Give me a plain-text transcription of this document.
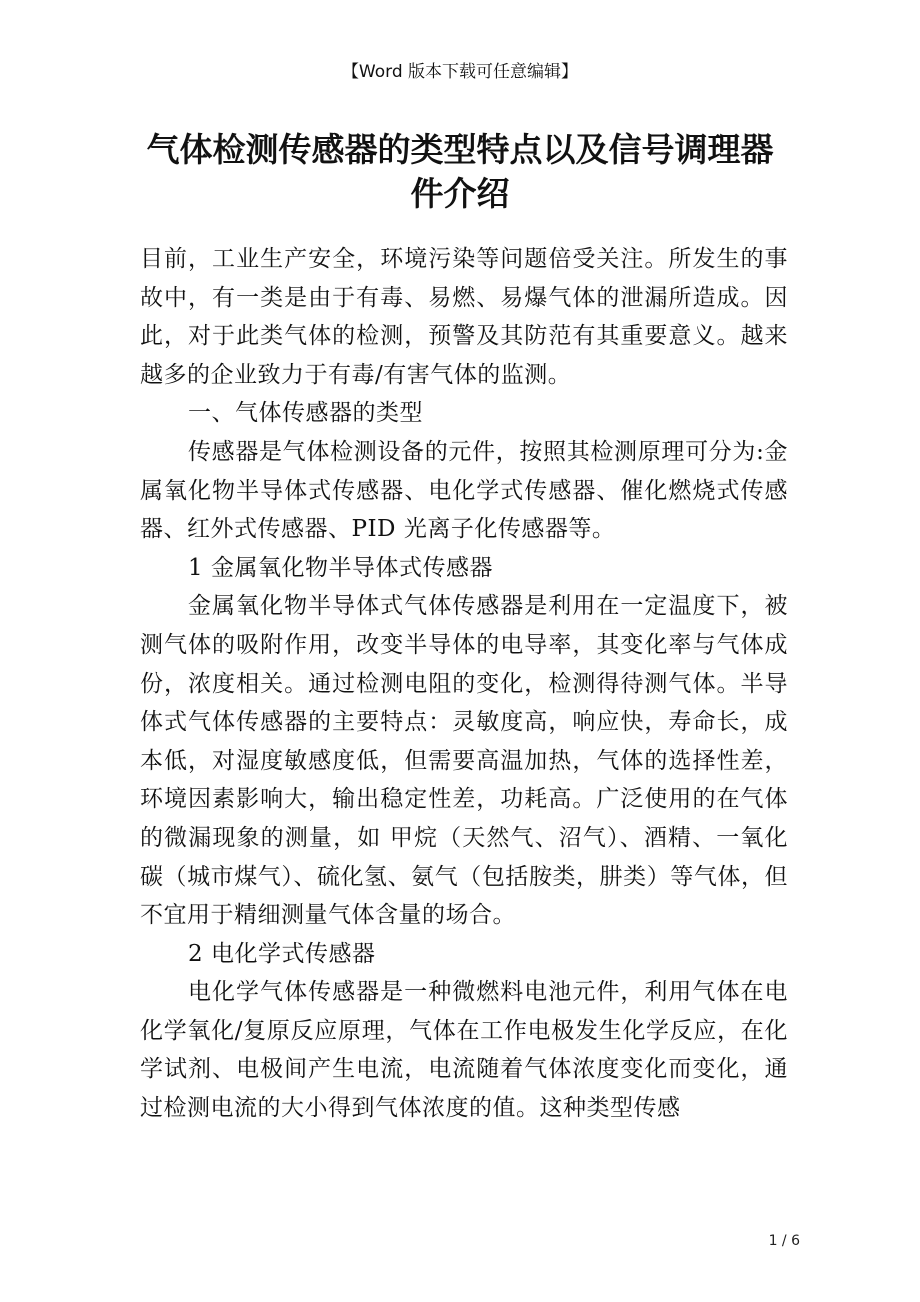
【Word 版本下载可任意编辑】
气体检测传感器的类型特点以及信号调理器件介绍

目前，工业生产安全，环境污染等问题倍受关注。所发生的事故中，有一类是由于有毒、易燃、易爆气体的泄漏所造成。因此，对于此类气体的检测，预警及其防范有其重要意义。越来越多的企业致力于有毒/有害气体的监测。

一、气体传感器的类型

传感器是气体检测设备的元件，按照其检测原理可分为:金属氧化物半导体式传感器、电化学式传感器、催化燃烧式传感器、红外式传感器、PID 光离子化传感器等。

1 金属氧化物半导体式传感器

金属氧化物半导体式气体传感器是利用在一定温度下，被测气体的吸附作用，改变半导体的电导率，其变化率与气体成份，浓度相关。通过检测电阻的变化，检测得待测气体。半导体式气体传感器的主要特点：灵敏度高，响应快，寿命长，成本低，对湿度敏感度低，但需要高温加热，气体的选择性差，环境因素影响大，输出稳定性差，功耗高。广泛使用的在气体的微漏现象的测量，如 甲烷（天然气、沼气）、酒精、一氧化碳（城市煤气）、硫化氢、氨气（包括胺类，肼类）等气体，但不宜用于精细测量气体含量的场合。

2 电化学式传感器

电化学气体传感器是一种微燃料电池元件，利用气体在电化学氧化/复原反应原理，气体在工作电极发生化学反应，在化学试剂、电极间产生电流，电流随着气体浓度变化而变化，通过检测电流的大小得到气体浓度的值。这种类型传感

1 / 6
